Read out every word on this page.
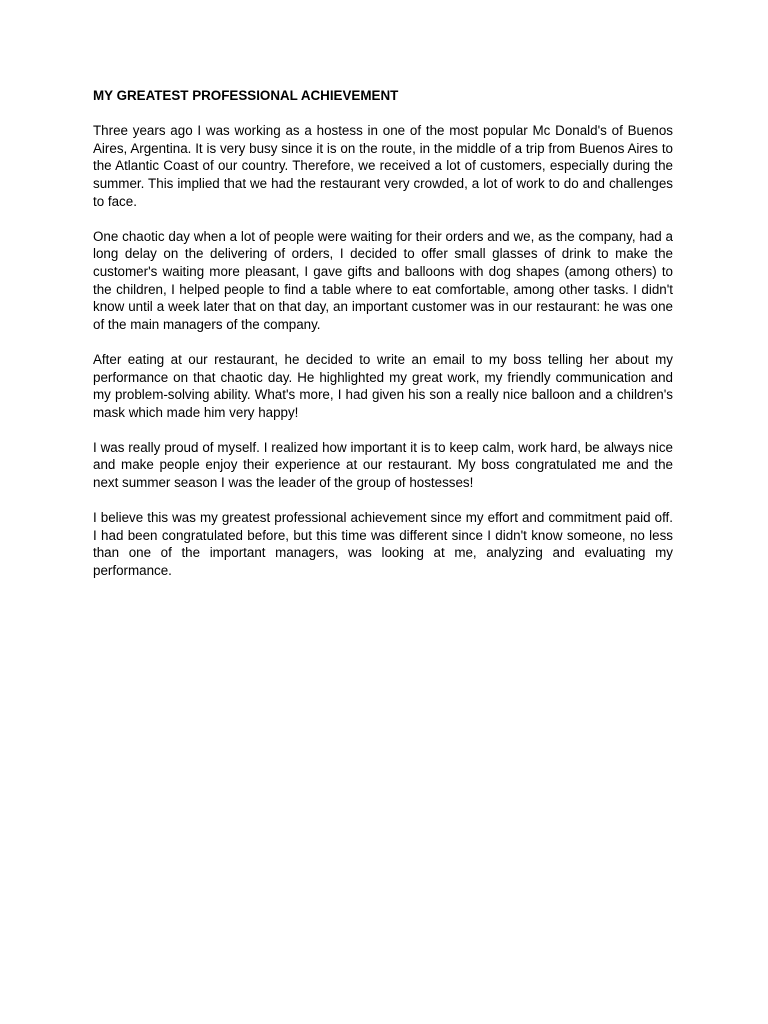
MY GREATEST PROFESSIONAL ACHIEVEMENT

Three years ago I was working as a hostess in one of the most popular Mc Donald's of Buenos Aires, Argentina. It is very busy since it is on the route, in the middle of a trip from Buenos Aires to the Atlantic Coast of our country. Therefore, we received a lot of customers, especially during the summer. This implied that we had the restaurant very crowded, a lot of work to do and challenges to face.

One chaotic day when a lot of people were waiting for their orders and we, as the company, had a long delay on the delivering of orders, I decided to offer small glasses of drink to make the customer's waiting more pleasant, I gave gifts and balloons with dog shapes (among others) to the children, I helped people to find a table where to eat comfortable, among other tasks. I didn't know until a week later that on that day, an important customer was in our restaurant: he was one of the main managers of the company.

After eating at our restaurant, he decided to write an email to my boss telling her about my performance on that chaotic day. He highlighted my great work, my friendly communication and my problem-solving ability. What's more, I had given his son a really nice balloon and a children's mask which made him very happy!

I was really proud of myself. I realized how important it is to keep calm, work hard, be always nice and make people enjoy their experience at our restaurant. My boss congratulated me and the next summer season I was the leader of the group of hostesses!

I believe this was my greatest professional achievement since my effort and commitment paid off. I had been congratulated before, but this time was different since I didn't know someone, no less than one of the important managers, was looking at me, analyzing and evaluating my performance.
